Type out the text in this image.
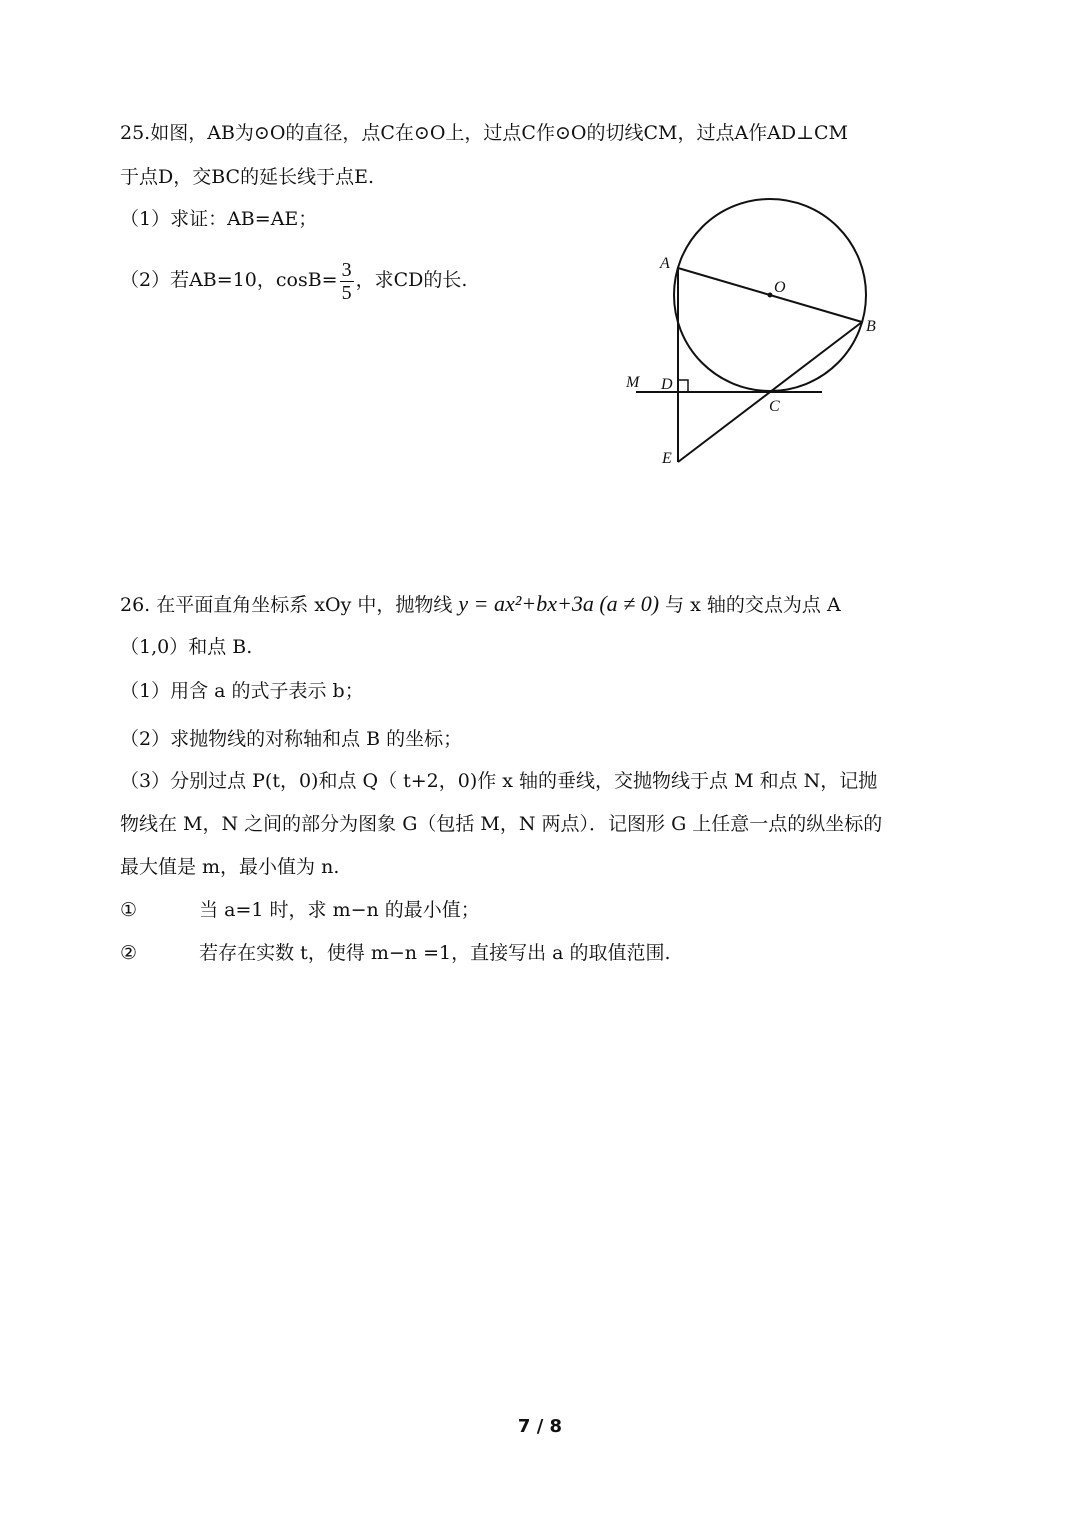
25.如图，AB为⊙O的直径，点C在⊙O上，过点C作⊙O的切线CM，过点A作AD⊥CM
于点D，交BC的延长线于点E.
（1）求证：AB=AE；
（2）若AB=10，$\cos B= \frac{3}{5}$ ，求CD的长.
A
O
B
M D
C
E
26. 在平面直角坐标系 xOy 中，抛物线 y = ax²+bx+3a (a ≠ 0) 与 x 轴的交点为点 A
（1,0）和点 B.
（1）用含 a 的式子表示 b；
（2）求抛物线的对称轴和点 B 的坐标；
（3）分别过点 P(t，0)和点 Q（ t+2，0)作 x 轴的垂线，交抛物线于点 M 和点 N，记抛
物线在 M，N 之间的部分为图象 G（包括 M，N 两点）．记图形 G 上任意一点的纵坐标的
最大值是 m，最小值为 n.
①	当 a=1 时，求 m−n 的最小值；
②	若存在实数 t，使得 m−n =1，直接写出 a 的取值范围.
7 / 8
